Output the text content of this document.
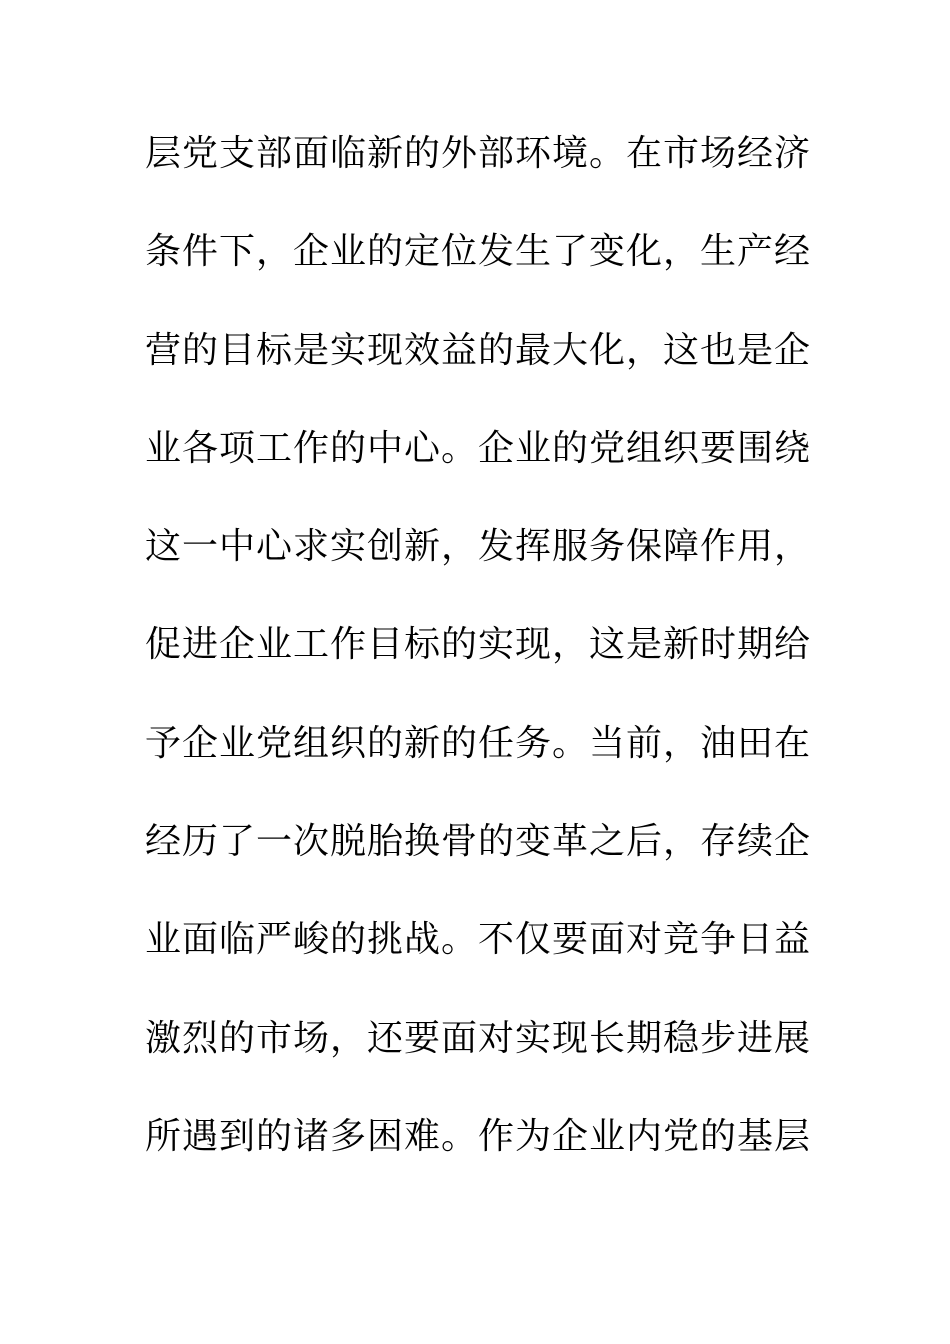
层党支部面临新的外部环境。在市场经济
条件下，企业的定位发生了变化，生产经
营的目标是实现效益的最大化，这也是企
业各项工作的中心。企业的党组织要围绕
这一中心求实创新，发挥服务保障作用，
促进企业工作目标的实现，这是新时期给
予企业党组织的新的任务。当前，油田在
经历了一次脱胎换骨的变革之后，存续企
业面临严峻的挑战。不仅要面对竞争日益
激烈的市场，还要面对实现长期稳步进展
所遇到的诸多困难。作为企业内党的基层
